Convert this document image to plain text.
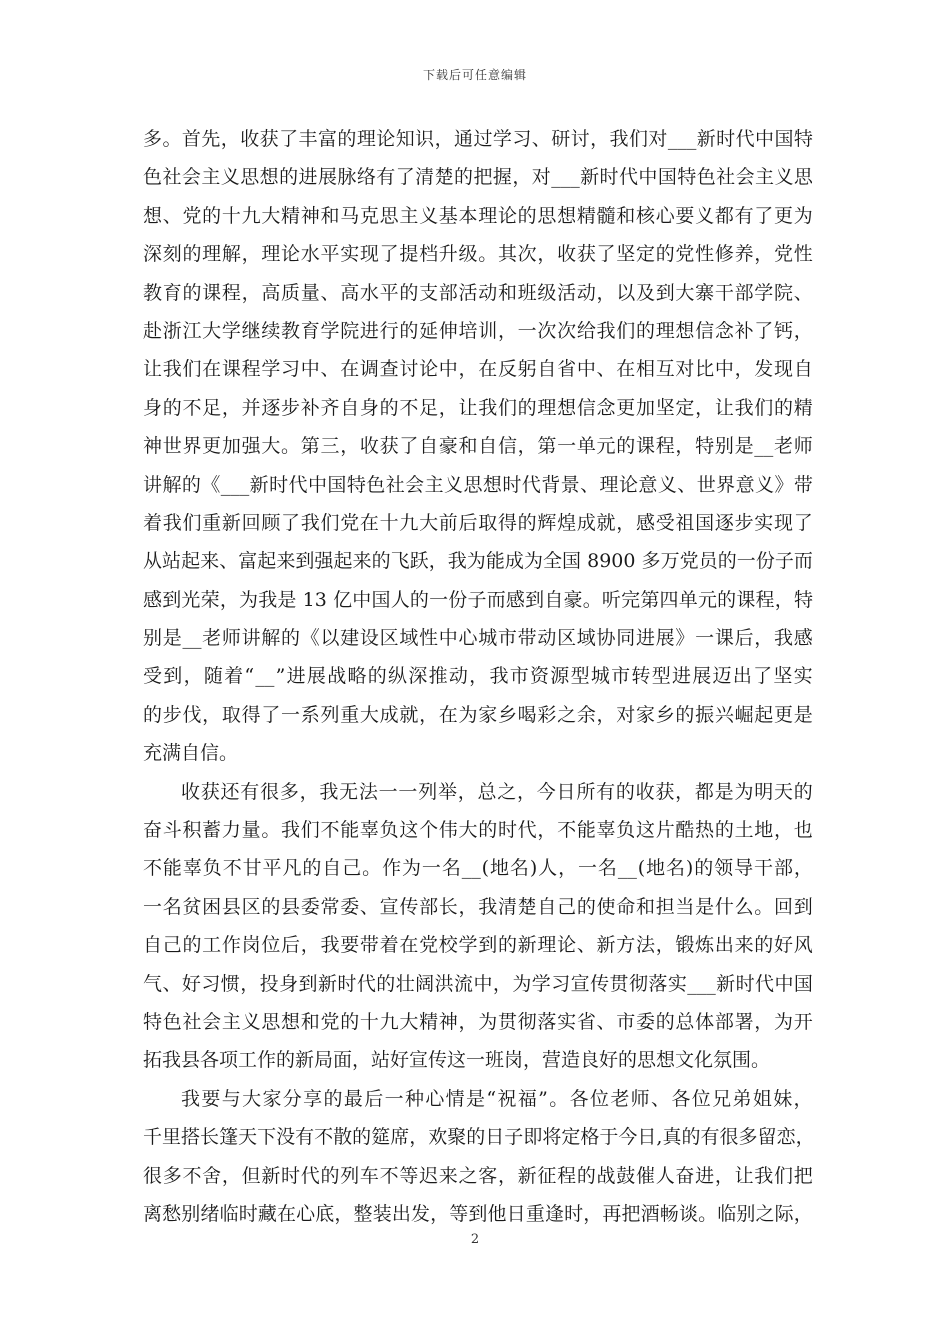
下载后可任意编辑
多 。 首 先 ， 收 获 了 丰 富 的 理 论 知 识 ， 通 过 学 习 、 研 讨 ， 我 们 对 ___ 新 时 代 中 国 特
色 社 会 主 义 思 想 的 进 展 脉 络 有 了 清 楚 的 把 握 ， 对 ___ 新 时 代 中 国 特 色 社 会 主 义 思
想 、 党 的 十 九 大 精 神 和 马 克 思 主 义 基 本 理 论 的 思 想 精 髓 和 核 心 要 义 都 有 了 更 为
深 刻 的 理 解 ， 理 论 水 平 实 现 了 提 档 升 级 。 其 次 ， 收 获 了 坚 定 的 党 性 修 养 ， 党 性
教 育 的 课 程 ， 高 质 量 、 高 水 平 的 支 部 活 动 和 班 级 活 动 ， 以 及 到 大 寨 干 部 学 院 、
赴 浙 江 大 学 继 续 教 育 学 院 进 行 的 延 伸 培 训 ， 一 次 次 给 我 们 的 理 想 信 念 补 了 钙 ，
让 我 们 在 课 程 学 习 中 、 在 调 查 讨 论 中 ， 在 反 躬 自 省 中 、 在 相 互 对 比 中 ， 发 现 自
身 的 不 足 ， 并 逐 步 补 齐 自 身 的 不 足 ， 让 我 们 的 理 想 信 念 更 加 坚 定 ， 让 我 们 的 精
神 世 界 更 加 强 大 。 第 三 ， 收 获 了 自 豪 和 自 信 ， 第 一 单 元 的 课 程 ， 特 别 是 __ 老 师
讲 解 的 《 ___ 新 时 代 中 国 特 色 社 会 主 义 思 想 时 代 背 景 、 理 论 意 义 、 世 界 意 义 》 带
着 我 们 重 新 回 顾 了 我 们 党 在 十 九 大 前 后 取 得 的 辉 煌 成 就 ， 感 受 祖 国 逐 步 实 现 了
从 站 起 来 、 富 起 来 到 强 起 来 的 飞 跃 ， 我 为 能 成 为 全 国 8900 多 万 党 员 的 一 份 子 而
感 到 光 荣 ， 为 我 是 13 亿 中 国 人 的 一 份 子 而 感 到 自 豪 。 听 完 第 四 单 元 的 课 程 ， 特
别 是 __ 老 师 讲 解 的 《 以 建 设 区 域 性 中 心 城 市 带 动 区 域 协 同 进 展 》 一 课 后 ， 我 感
受 到 ， 随 着 “ __ ” 进 展 战 略 的 纵 深 推 动 ， 我 市 资 源 型 城 市 转 型 进 展 迈 出 了 坚 实
的 步 伐 ， 取 得 了 一 系 列 重 大 成 就 ， 在 为 家 乡 喝 彩 之 余 ， 对 家 乡 的 振 兴 崛 起 更 是
充满自信。
收 获 还 有 很 多 ， 我 无 法 一 一 列 举 ， 总 之 ， 今 日 所 有 的 收 获 ， 都 是 为 明 天 的
奋 斗 积 蓄 力 量 。 我 们 不 能 辜 负 这 个 伟 大 的 时 代 ， 不 能 辜 负 这 片 酷 热 的 土 地 ， 也
不 能 辜 负 不 甘 平 凡 的 自 己 。 作 为 一 名 __ ( 地 名 ) 人 ， 一 名 __ ( 地 名 ) 的 领 导 干 部 ，
一 名 贫 困 县 区 的 县 委 常 委 、 宣 传 部 长 ， 我 清 楚 自 己 的 使 命 和 担 当 是 什 么 。 回 到
自 己 的 工 作 岗 位 后 ， 我 要 带 着 在 党 校 学 到 的 新 理 论 、 新 方 法 ， 锻 炼 出 来 的 好 风
气 、 好 习 惯 ， 投 身 到 新 时 代 的 壮 阔 洪 流 中 ， 为 学 习 宣 传 贯 彻 落 实 ___ 新 时 代 中 国
特 色 社 会 主 义 思 想 和 党 的 十 九 大 精 神 ， 为 贯 彻 落 实 省 、 市 委 的 总 体 部 署 ， 为 开
拓我县各项工作的新局面，站好宣传这一班岗，营造良好的思想文化氛围。
我 要 与 大 家 分 享 的 最 后 一 种 心 情 是 “ 祝 福 ” 。 各 位 老 师 、 各 位 兄 弟 姐 妹 ，
千 里 搭 长 篷 天 下 没 有 不 散 的 筵 席 ， 欢 聚 的 日 子 即 将 定 格 于 今 日 , 真 的 有 很 多 留 恋 ，
很 多 不 舍 ， 但 新 时 代 的 列 车 不 等 迟 来 之 客 ， 新 征 程 的 战 鼓 催 人 奋 进 ， 让 我 们 把
离 愁 别 绪 临 时 藏 在 心 底 ， 整 装 出 发 ， 等 到 他 日 重 逢 时 ， 再 把 酒 畅 谈 。 临 别 之 际 ，
2
